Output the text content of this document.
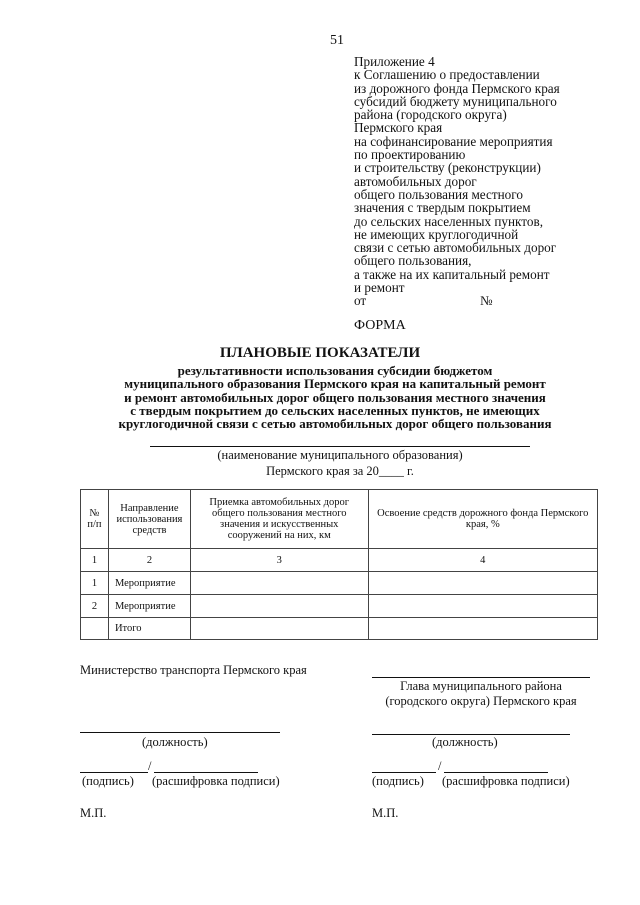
51
Приложение 4
к Соглашению о предоставлении
из дорожного фонда Пермского края
субсидий бюджету муниципального
района (городского округа)
Пермского края
на софинансирование мероприятия
по проектированию
и строительству (реконструкции)
автомобильных дорог
общего пользования местного
значения с твердым покрытием
до сельских населенных пунктов,
не имеющих круглогодичной
связи с сетью автомобильных дорог
общего пользования,
а также на их капитальный ремонт
и ремонт
от	№
ФОРМА
ПЛАНОВЫЕ ПОКАЗАТЕЛИ
результативности использования субсидии бюджетом
муниципального образования Пермского края на капитальный ремонт
и ремонт автомобильных дорог общего пользования местного значения
с твердым покрытием до сельских населенных пунктов, не имеющих
круглогодичной связи с сетью автомобильных дорог общего пользования
(наименование муниципального образования)
Пермского края за 20____ г.
№ п/п	Направление использования средств	Приемка автомобильных дорог общего пользования местного значения и искусственных сооружений на них, км	Освоение средств дорожного фонда Пермского края, %
1	2	3	4
1	Мероприятие		
2	Мероприятие		
	Итого		
Министерство транспорта Пермского края
(должность)
/
(подпись) (расшифровка подписи)
М.П.
Глава муниципального района
(городского округа) Пермского края
(должность)
/
(подпись) (расшифровка подписи)
М.П.
